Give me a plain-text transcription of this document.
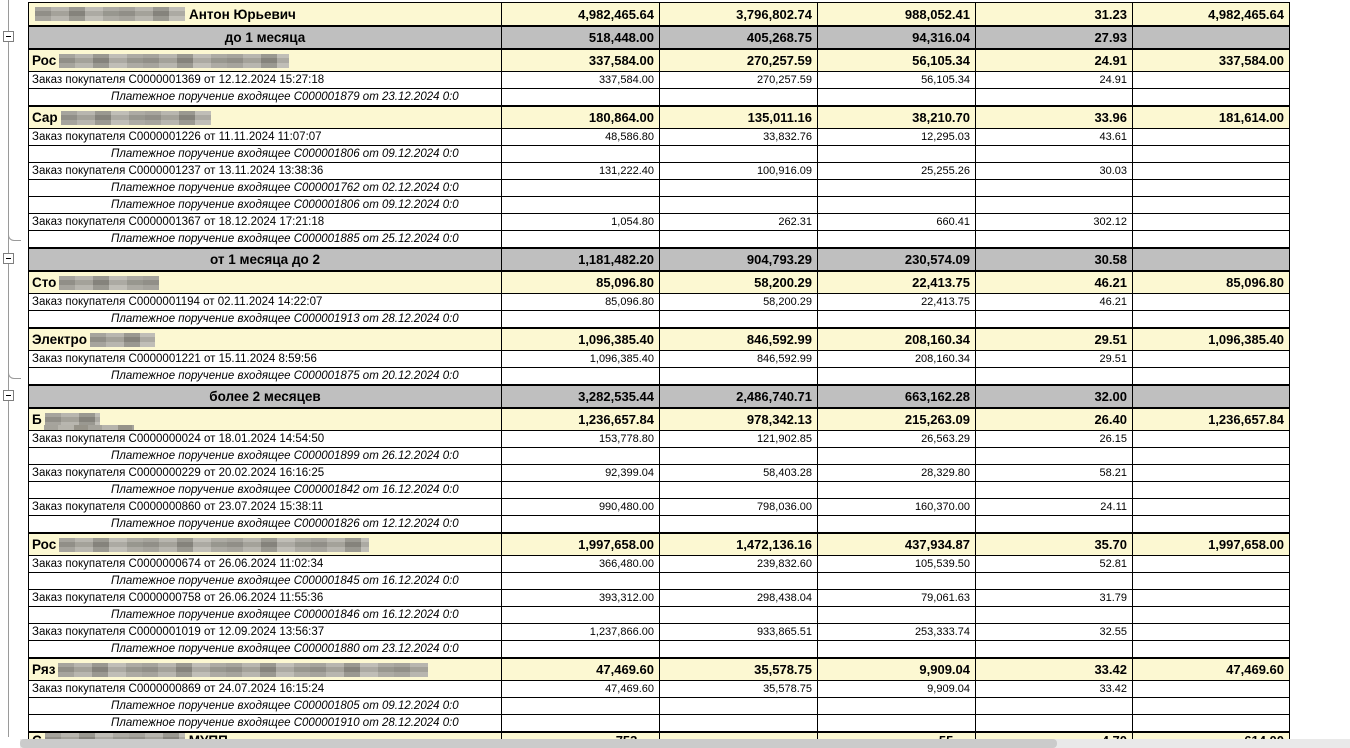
Антон Юрьевич	4,982,465.64	3,796,802.74	988,052.41	31.23	4,982,465.64
до 1 месяца	518,448.00	405,268.75	94,316.04	27.93
Рос	337,584.00	270,257.59	56,105.34	24.91	337,584.00
Заказ покупателя C0000001369 от 12.12.2024 15:27:18	337,584.00	270,257.59	56,105.34	24.91
Платежное поручение входящее C000001879 от 23.12.2024 0:0
Сар	180,864.00	135,011.16	38,210.70	33.96	181,614.00
Заказ покупателя C0000001226 от 11.11.2024 11:07:07	48,586.80	33,832.76	12,295.03	43.61
Платежное поручение входящее C000001806 от 09.12.2024 0:0
Заказ покупателя C0000001237 от 13.11.2024 13:38:36	131,222.40	100,916.09	25,255.26	30.03
Платежное поручение входящее C000001762 от 02.12.2024 0:0
Платежное поручение входящее C000001806 от 09.12.2024 0:0
Заказ покупателя C0000001367 от 18.12.2024 17:21:18	1,054.80	262.31	660.41	302.12
Платежное поручение входящее C000001885 от 25.12.2024 0:0
от 1 месяца до 2	1,181,482.20	904,793.29	230,574.09	30.58
Сто	85,096.80	58,200.29	22,413.75	46.21	85,096.80
Заказ покупателя C0000001194 от 02.11.2024 14:22:07	85,096.80	58,200.29	22,413.75	46.21
Платежное поручение входящее C000001913 от 28.12.2024 0:0
Электро	1,096,385.40	846,592.99	208,160.34	29.51	1,096,385.40
Заказ покупателя C0000001221 от 15.11.2024 8:59:56	1,096,385.40	846,592.99	208,160.34	29.51
Платежное поручение входящее C000001875 от 20.12.2024 0:0
более 2 месяцев	3,282,535.44	2,486,740.71	663,162.28	32.00
Б	1,236,657.84	978,342.13	215,263.09	26.40	1,236,657.84
Заказ покупателя C0000000024 от 18.01.2024 14:54:50	153,778.80	121,902.85	26,563.29	26.15
Платежное поручение входящее C000001899 от 26.12.2024 0:0
Заказ покупателя C0000000229 от 20.02.2024 16:16:25	92,399.04	58,403.28	28,329.80	58.21
Платежное поручение входящее C000001842 от 16.12.2024 0:0
Заказ покупателя C0000000860 от 23.07.2024 15:38:11	990,480.00	798,036.00	160,370.00	24.11
Платежное поручение входящее C000001826 от 12.12.2024 0:0
Рос	1,997,658.00	1,472,136.16	437,934.87	35.70	1,997,658.00
Заказ покупателя C0000000674 от 26.06.2024 11:02:34	366,480.00	239,832.60	105,539.50	52.81
Платежное поручение входящее C000001845 от 16.12.2024 0:0
Заказ покупателя C0000000758 от 26.06.2024 11:55:36	393,312.00	298,438.04	79,061.63	31.79
Платежное поручение входящее C000001846 от 16.12.2024 0:0
Заказ покупателя C0000001019 от 12.09.2024 13:56:37	1,237,866.00	933,865.51	253,333.74	32.55
Платежное поручение входящее C000001880 от 23.12.2024 0:0
Ряз	47,469.60	35,578.75	9,909.04	33.42	47,469.60
Заказ покупателя C0000000869 от 24.07.2024 16:15:24	47,469.60	35,578.75	9,909.04	33.42
Платежное поручение входящее C000001805 от 09.12.2024 0:0
Платежное поручение входящее C000001910 от 28.12.2024 0:0
